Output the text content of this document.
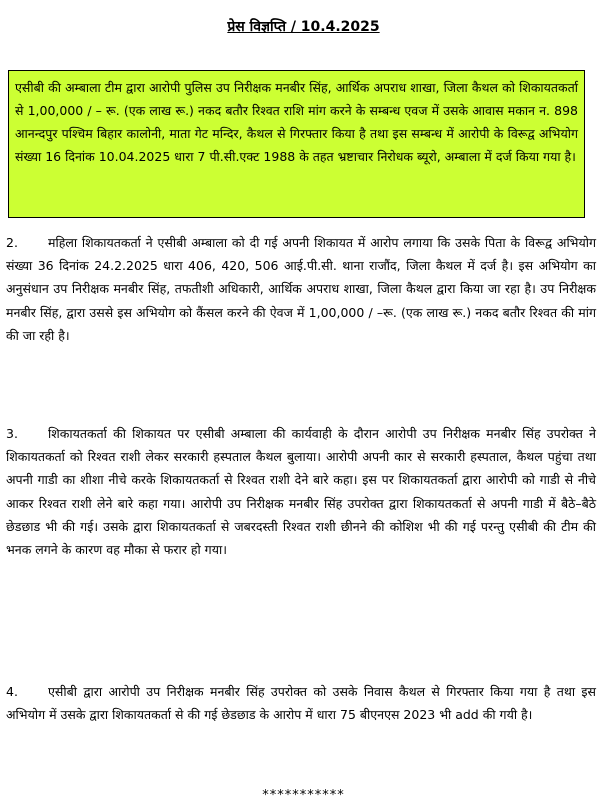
प्रेस विज्ञप्ति / 10.4.2025
एसीबी की अम्बाला टीम द्वारा आरोपी पुलिस उप निरीक्षक मनबीर सिंह, आर्थिक अपराध शाखा, जिला कैथल को शिकायतकर्ता से 1,00,000 / – रू. (एक लाख रू.) नकद बतौर रिश्वत राशि मांग करने के सम्बन्ध एवज में उसके आवास मकान न. 898 आनन्दपुर पश्चिम बिहार कालोनी, माता गेट मन्दिर, कैथल से गिरफ्तार किया है तथा इस सम्बन्ध में आरोपी के विरूद्व अभियोग संख्या 16 दिनांक 10.04.2025 धारा 7 पी.सी.एक्ट 1988 के तहत भ्रष्टाचार निरोधक ब्यूरो, अम्बाला में दर्ज किया गया है।

2. महिला शिकायतकर्ता ने एसीबी अम्बाला को दी गई अपनी शिकायत में आरोप लगाया कि उसके पिता के विरूद्व अभियोग संख्या 36 दिनांक 24.2.2025 धारा 406, 420, 506 आई.पी.सी. थाना राजौंद, जिला कैथल में दर्ज है। इस अभियोग का अनुसंधान उप निरीक्षक मनबीर सिंह, तफतीशी अधिकारी, आर्थिक अपराध शाखा, जिला कैथल द्वारा किया जा रहा है। उप निरीक्षक मनबीर सिंह, द्वारा उससे इस अभियोग को कैंसल करने की ऐवज में 1,00,000 / –रू. (एक लाख रू.) नकद बतौर रिश्वत की मांग की जा रही है।

3. शिकायतकर्ता की शिकायत पर एसीबी अम्बाला की कार्यवाही के दौरान आरोपी उप निरीक्षक मनबीर सिंह उपरोक्त ने शिकायतकर्ता को रिश्वत राशी लेकर सरकारी हस्पताल कैथल बुलाया। आरोपी अपनी कार से सरकारी हस्पताल, कैथल पहुंचा तथा अपनी गाडी का शीशा नीचे करके शिकायतकर्ता से रिश्वत राशी देने बारे कहा। इस पर शिकायतकर्ता द्वारा आरोपी को गाडी से नीचे आकर रिश्वत राशी लेने बारे कहा गया। आरोपी उप निरीक्षक मनबीर सिंह उपरोक्त द्वारा शिकायतकर्ता से अपनी गाडी में बैठे–बैठे छेडछाड भी की गई। उसके द्वारा शिकायतकर्ता से जबरदस्ती रिश्वत राशी छीनने की कोशिश भी की गई परन्तु एसीबी की टीम की भनक लगने के कारण वह मौका से फरार हो गया।

4. एसीबी द्वारा आरोपी उप निरीक्षक मनबीर सिंह उपरोक्त को उसके निवास कैथल से गिरफ्तार किया गया है तथा इस अभियोग में उसके द्वारा शिकायतकर्ता से की गई छेडछाड के आरोप में धारा 75 बीएनएस 2023 भी add की गयी है।

***********
